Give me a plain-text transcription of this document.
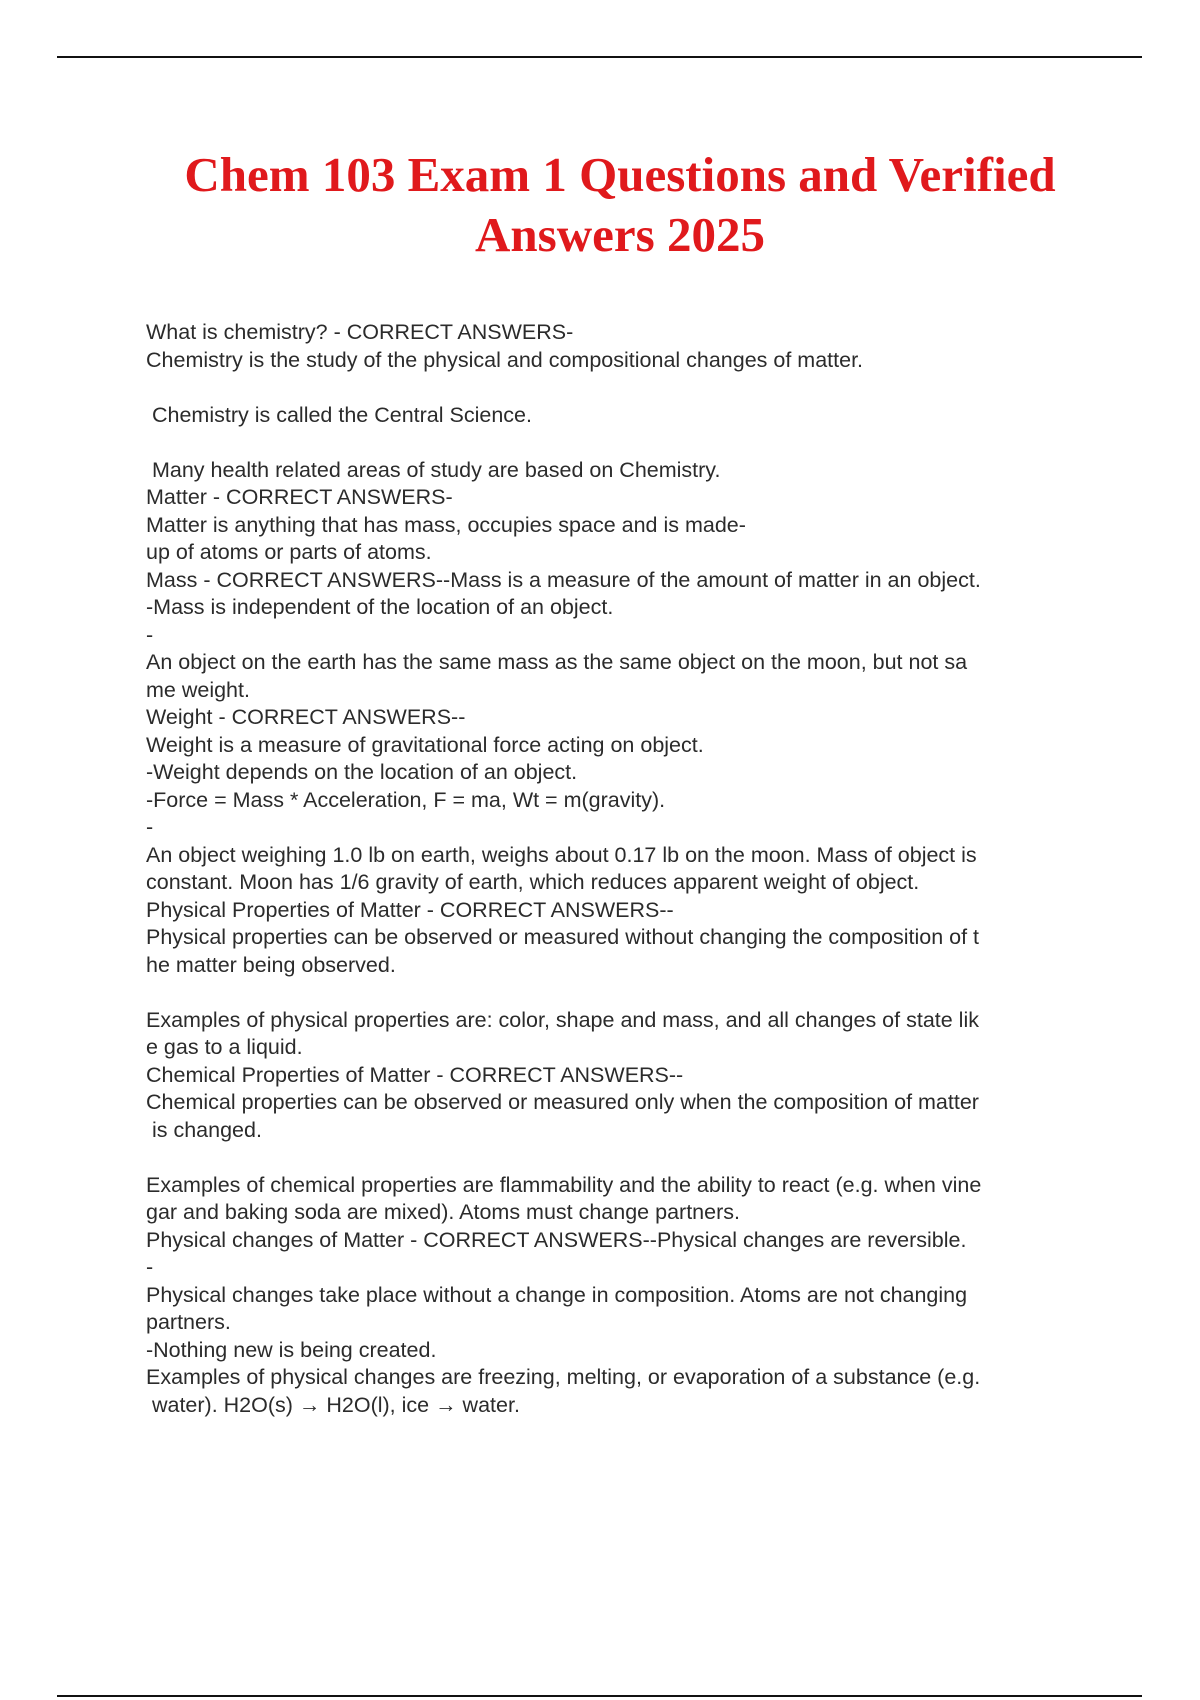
Chem 103 Exam 1 Questions and Verified
Answers 2025
What is chemistry? - CORRECT ANSWERS-
Chemistry is the study of the physical and compositional changes of matter.
Chemistry is called the Central Science.
Many health related areas of study are based on Chemistry.
Matter - CORRECT ANSWERS-
Matter is anything that has mass, occupies space and is made-
up of atoms or parts of atoms.
Mass - CORRECT ANSWERS--Mass is a measure of the amount of matter in an object.
-Mass is independent of the location of an object.
-
An object on the earth has the same mass as the same object on the moon, but not sa
me weight.
Weight - CORRECT ANSWERS--
Weight is a measure of gravitational force acting on object.
-Weight depends on the location of an object.
-Force = Mass * Acceleration, F = ma, Wt = m(gravity).
-
An object weighing 1.0 lb on earth, weighs about 0.17 lb on the moon. Mass of object is
constant. Moon has 1/6 gravity of earth, which reduces apparent weight of object.
Physical Properties of Matter - CORRECT ANSWERS--
Physical properties can be observed or measured without changing the composition of t
he matter being observed.
Examples of physical properties are: color, shape and mass, and all changes of state lik
e gas to a liquid.
Chemical Properties of Matter - CORRECT ANSWERS--
Chemical properties can be observed or measured only when the composition of matter
is changed.
Examples of chemical properties are flammability and the ability to react (e.g. when vine
gar and baking soda are mixed). Atoms must change partners.
Physical changes of Matter - CORRECT ANSWERS--Physical changes are reversible.
-
Physical changes take place without a change in composition. Atoms are not changing
partners.
-Nothing new is being created.
Examples of physical changes are freezing, melting, or evaporation of a substance (e.g.
water). H2O(s) → H2O(l), ice → water.
